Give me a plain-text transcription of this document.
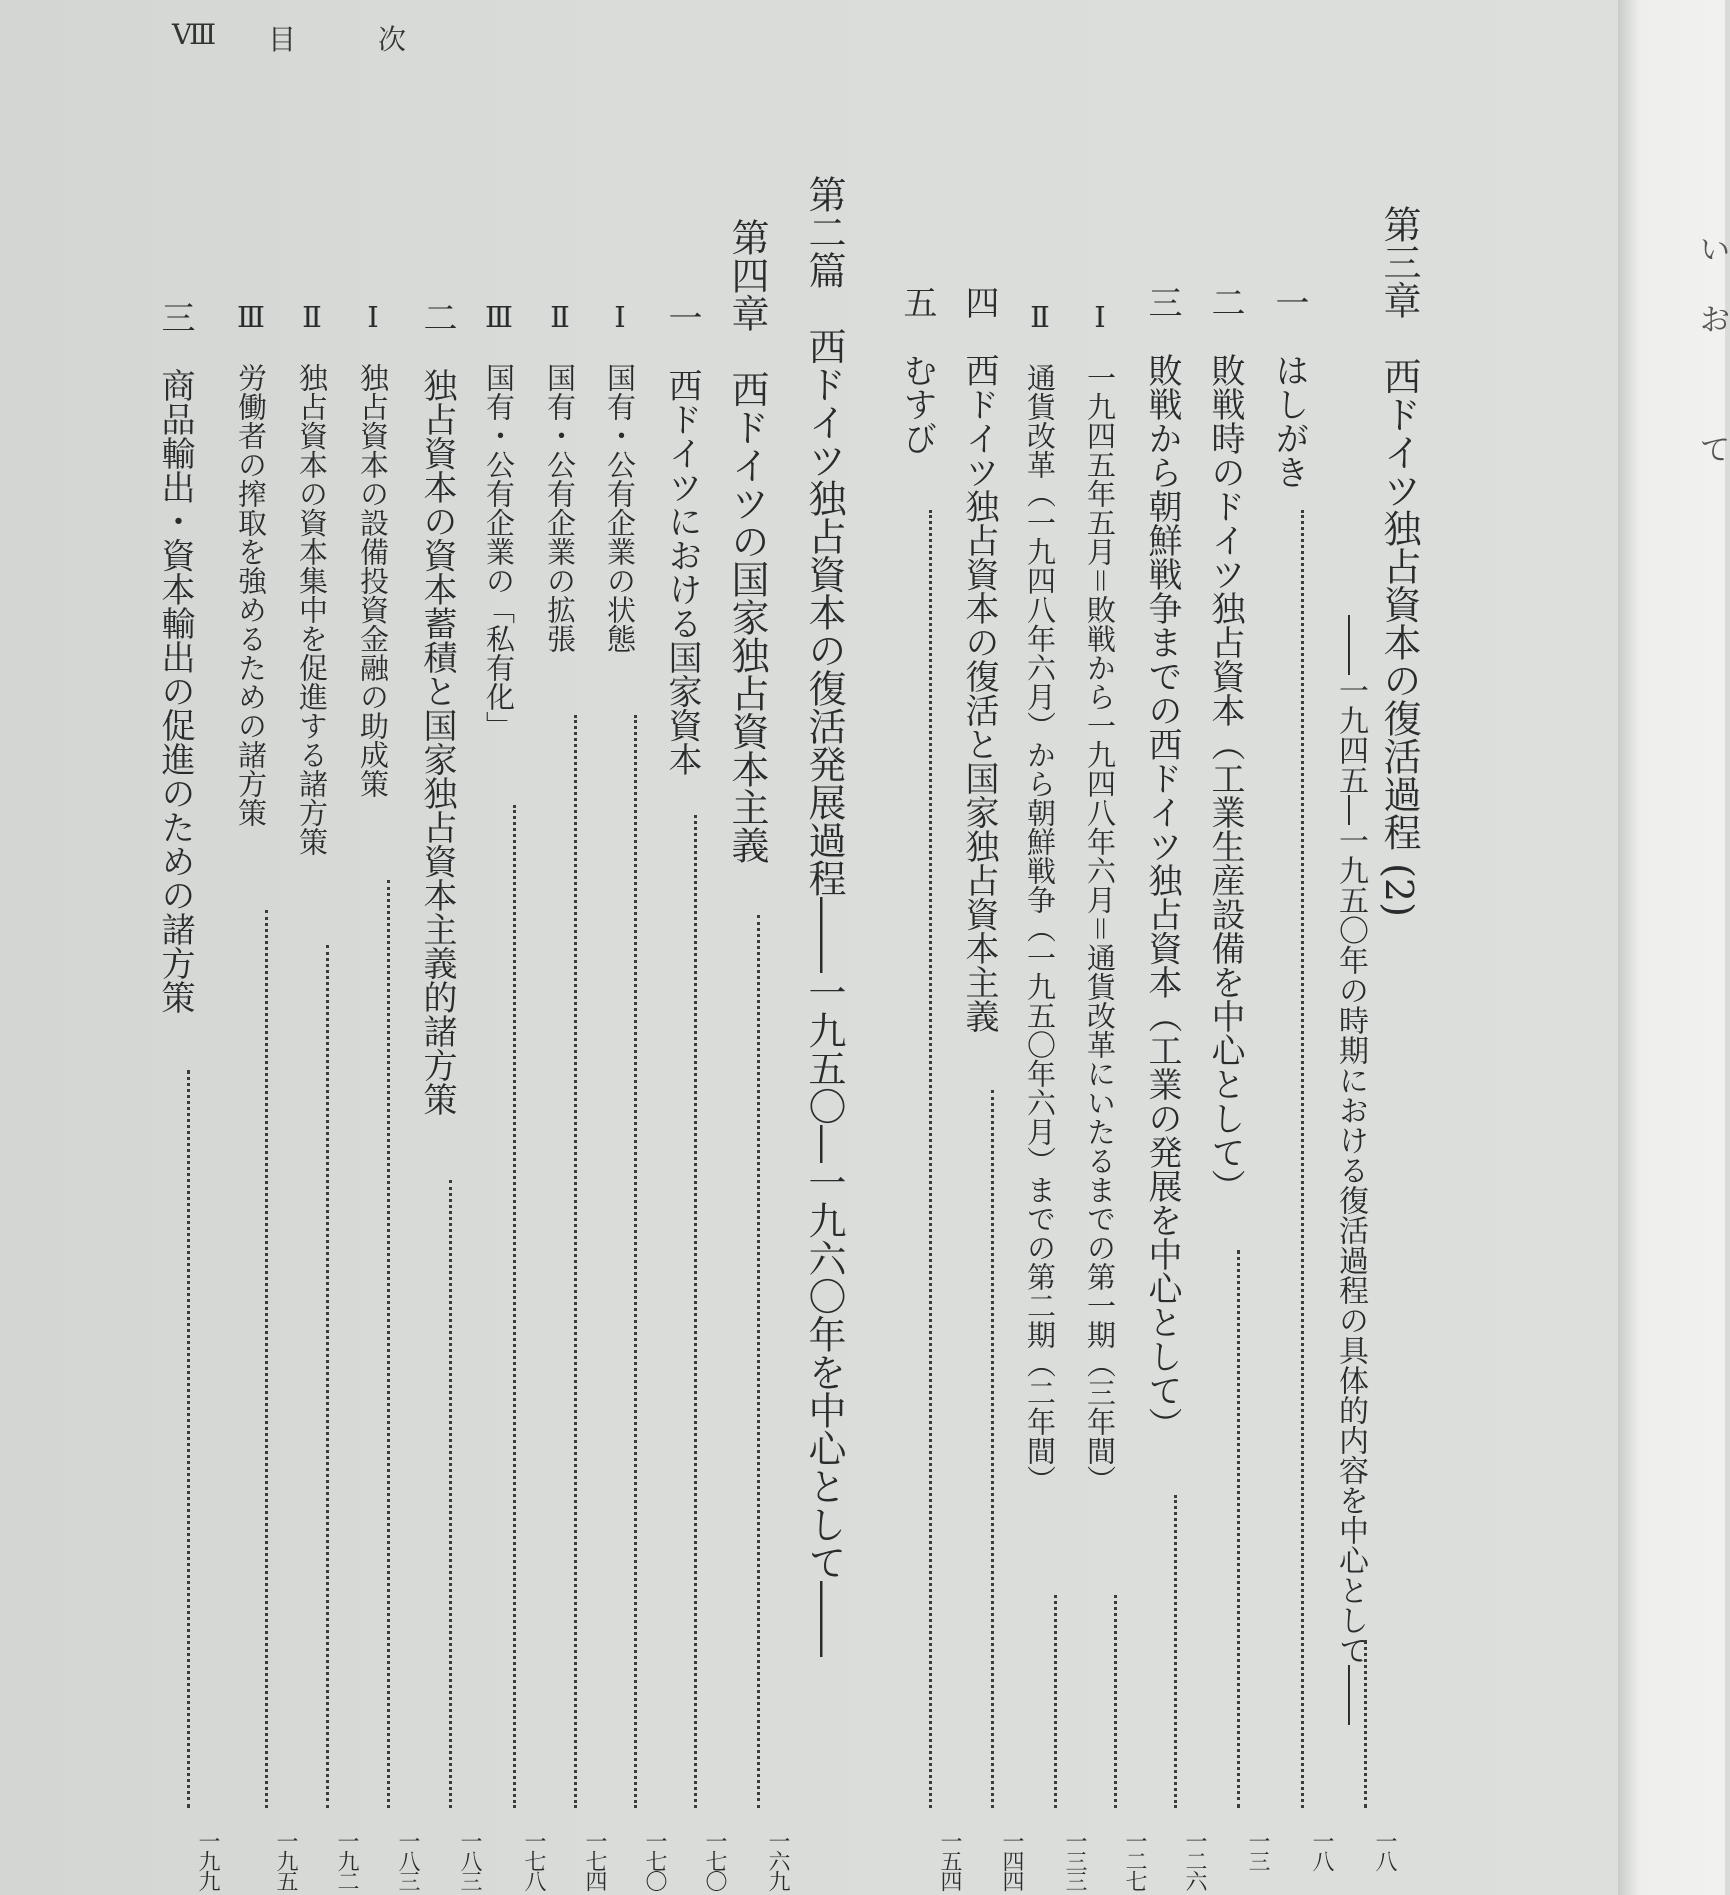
い
お
て
Ⅷ 目	次
第三章　西ドイツ独占資本の復活過程 (2)
――一九四五―一九五〇年の時期における復活過程の具体的内容を中心として――
一八
一　はしがき
一八
二　敗戦時のドイツ独占資本（工業生産設備を中心として）
一三
三　敗戦から朝鮮戦争までの西ドイツ独占資本（工業の発展を中心として）
一二六
Ⅰ　一九四五年五月＝敗戦から一九四八年六月＝通貨改革にいたるまでの第一期（三年間）
一二七
Ⅱ　通貨改革（一九四八年六月）から朝鮮戦争（一九五〇年六月）までの第二期（二年間）
一三三
四　西ドイツ独占資本の復活と国家独占資本主義
一四四
五　むすび
一五四
第二篇　西ドイツ独占資本の復活発展過程――一九五〇―一九六〇年を中心として――
第四章　西ドイツの国家独占資本主義
一六九
一　西ドイツにおける国家資本
一七〇
Ⅰ　国有・公有企業の状態
一七〇
Ⅱ　国有・公有企業の拡張
一七四
Ⅲ　国有・公有企業の「私有化」
一七八
二　独占資本の資本蓄積と国家独占資本主義的諸方策
一八三
Ⅰ　独占資本の設備投資金融の助成策
一八三
Ⅱ　独占資本の資本集中を促進する諸方策
一九二
Ⅲ　労働者の搾取を強めるための諸方策
一九五
三　商品輸出・資本輸出の促進のための諸方策
一九九
